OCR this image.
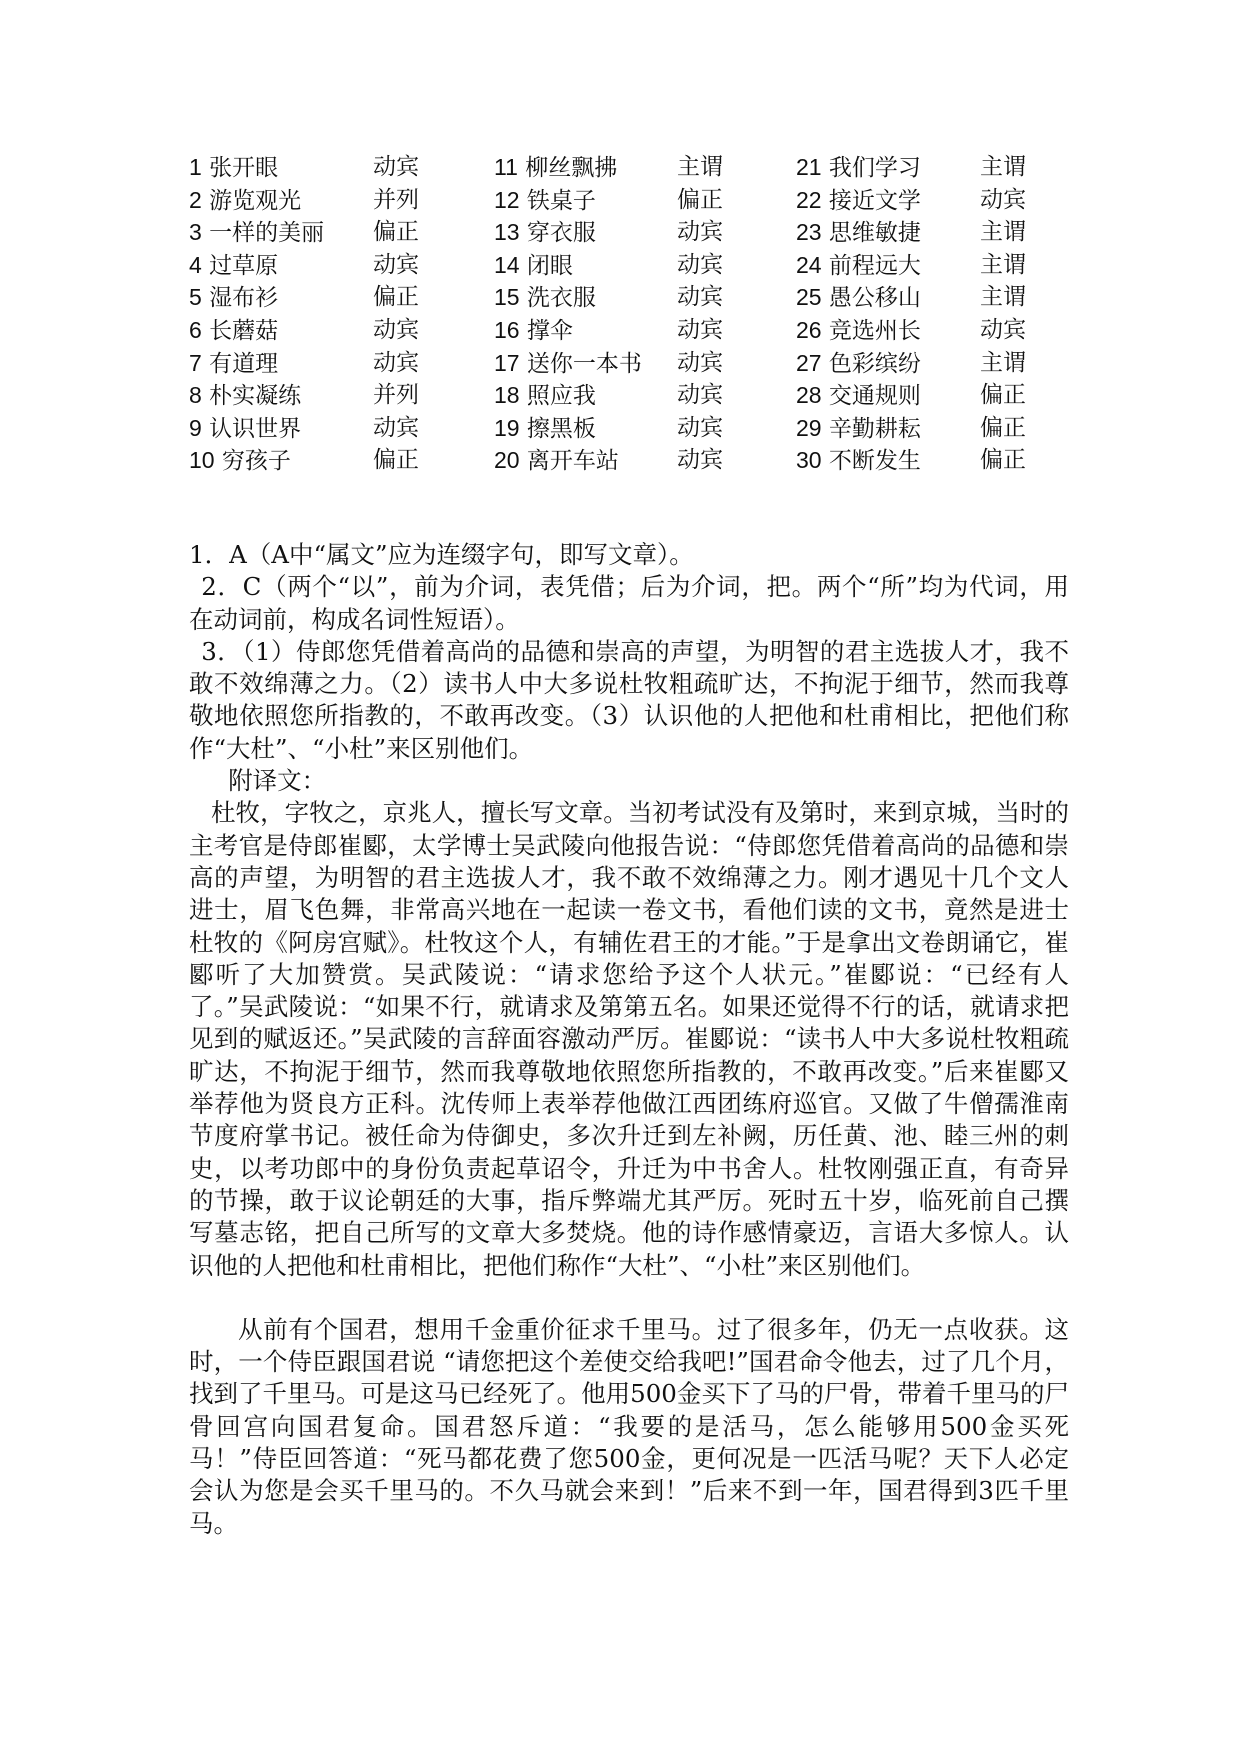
1 张开眼	动宾	11 柳丝飘拂	主谓	21 我们学习	主谓
2 游览观光	并列	12 铁桌子	偏正	22 接近文学	动宾
3 一样的美丽 偏正	13 穿衣服	动宾	23 思维敏捷	主谓
4 过草原	动宾	14 闭眼	动宾	24 前程远大	主谓
5 湿布衫	偏正	15 洗衣服	动宾	25 愚公移山	主谓
6 长蘑菇	动宾	16 撑伞	动宾	26 竞选州长	动宾
7 有道理	动宾	17 送你一本书 动宾	27 色彩缤纷	主谓
8 朴实凝练	并列	18 照应我	动宾	28 交通规则	偏正
9 认识世界	动宾	19 擦黑板	动宾	29 辛勤耕耘	偏正
10 穷孩子	偏正	20 离开车站	动宾	30 不断发生	偏正

1．A（A中“属文”应为连缀字句，即写文章）。

2．C（两个“以”，前为介词，表凭借；后为介词，把。两个“所”均为代词，用在动词前，构成名词性短语）。

3．（1）侍郎您凭借着高尚的品德和崇高的声望，为明智的君主选拔人才，我不敢不效绵薄之力。（2）读书人中大多说杜牧粗疏旷达，不拘泥于细节，然而我尊敬地依照您所指教的，不敢再改变。（3）认识他的人把他和杜甫相比，把他们称作“大杜”、“小杜”来区别他们。

附译文：

杜牧，字牧之，京兆人，擅长写文章。当初考试没有及第时，来到京城，当时的主考官是侍郎崔郾，太学博士吴武陵向他报告说：“侍郎您凭借着高尚的品德和崇高的声望，为明智的君主选拔人才，我不敢不效绵薄之力。刚才遇见十几个文人进士，眉飞色舞，非常高兴地在一起读一卷文书，看他们读的文书，竟然是进士杜牧的《阿房宫赋》。杜牧这个人，有辅佐君王的才能。”于是拿出文卷朗诵它，崔郾听了大加赞赏。吴武陵说：“请求您给予这个人状元。”崔郾说：“已经有人了。”吴武陵说：“如果不行，就请求及第第五名。如果还觉得不行的话，就请求把见到的赋返还。”吴武陵的言辞面容激动严厉。崔郾说：“读书人中大多说杜牧粗疏旷达，不拘泥于细节，然而我尊敬地依照您所指教的，不敢再改变。”后来崔郾又举荐他为贤良方正科。沈传师上表举荐他做江西团练府巡官。又做了牛僧孺淮南节度府掌书记。被任命为侍御史，多次升迁到左补阙，历任黄、池、睦三州的刺史，以考功郎中的身份负责起草诏令，升迁为中书舍人。杜牧刚强正直，有奇异的节操，敢于议论朝廷的大事，指斥弊端尤其严厉。死时五十岁，临死前自己撰写墓志铭，把自己所写的文章大多焚烧。他的诗作感情豪迈，言语大多惊人。认识他的人把他和杜甫相比，把他们称作“大杜”、“小杜”来区别他们。

从前有个国君，想用千金重价征求千里马。过了很多年，仍无一点收获。这时，一个侍臣跟国君说 “请您把这个差使交给我吧!”国君命令他去，过了几个月，找到了千里马。可是这马已经死了。他用500金买下了马的尸骨，带着千里马的尸骨回宫向国君复命。国君怒斥道：“我要的是活马，怎么能够用500金买死马！”侍臣回答道：“死马都花费了您500金，更何况是一匹活马呢？天下人必定会认为您是会买千里马的。不久马就会来到！”后来不到一年，国君得到3匹千里马。
